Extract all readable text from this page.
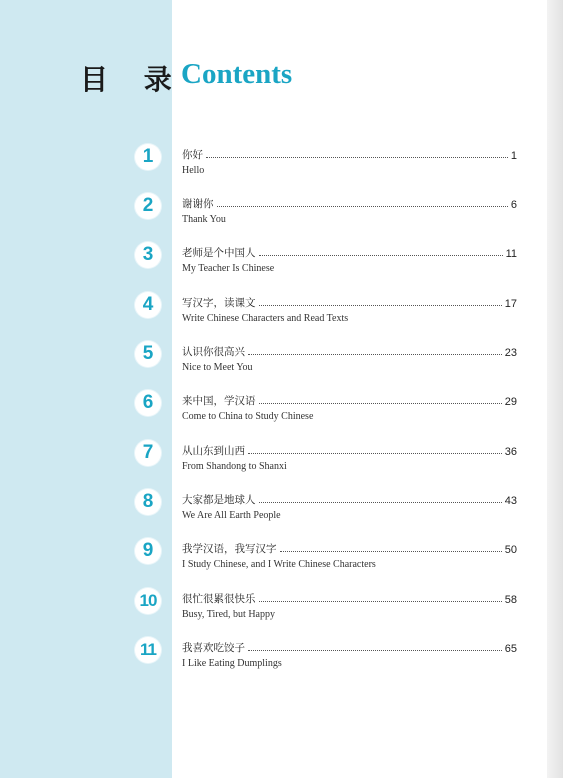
目 录
Contents
1	你好	1
Hello
2	谢谢你	6
Thank You
3	老师是个中国人	11
My Teacher Is Chinese
4	写汉字，读课文	17
Write Chinese Characters and Read Texts
5	认识你很高兴	23
Nice to Meet You
6	来中国，学汉语	29
Come to China to Study Chinese
7	从山东到山西	36
From Shandong to Shanxi
8	大家都是地球人	43
We Are All Earth People
9	我学汉语，我写汉字	50
I Study Chinese, and I Write Chinese Characters
10	很忙很累很快乐	58
Busy, Tired, but Happy
11	我喜欢吃饺子	65
I Like Eating Dumplings
